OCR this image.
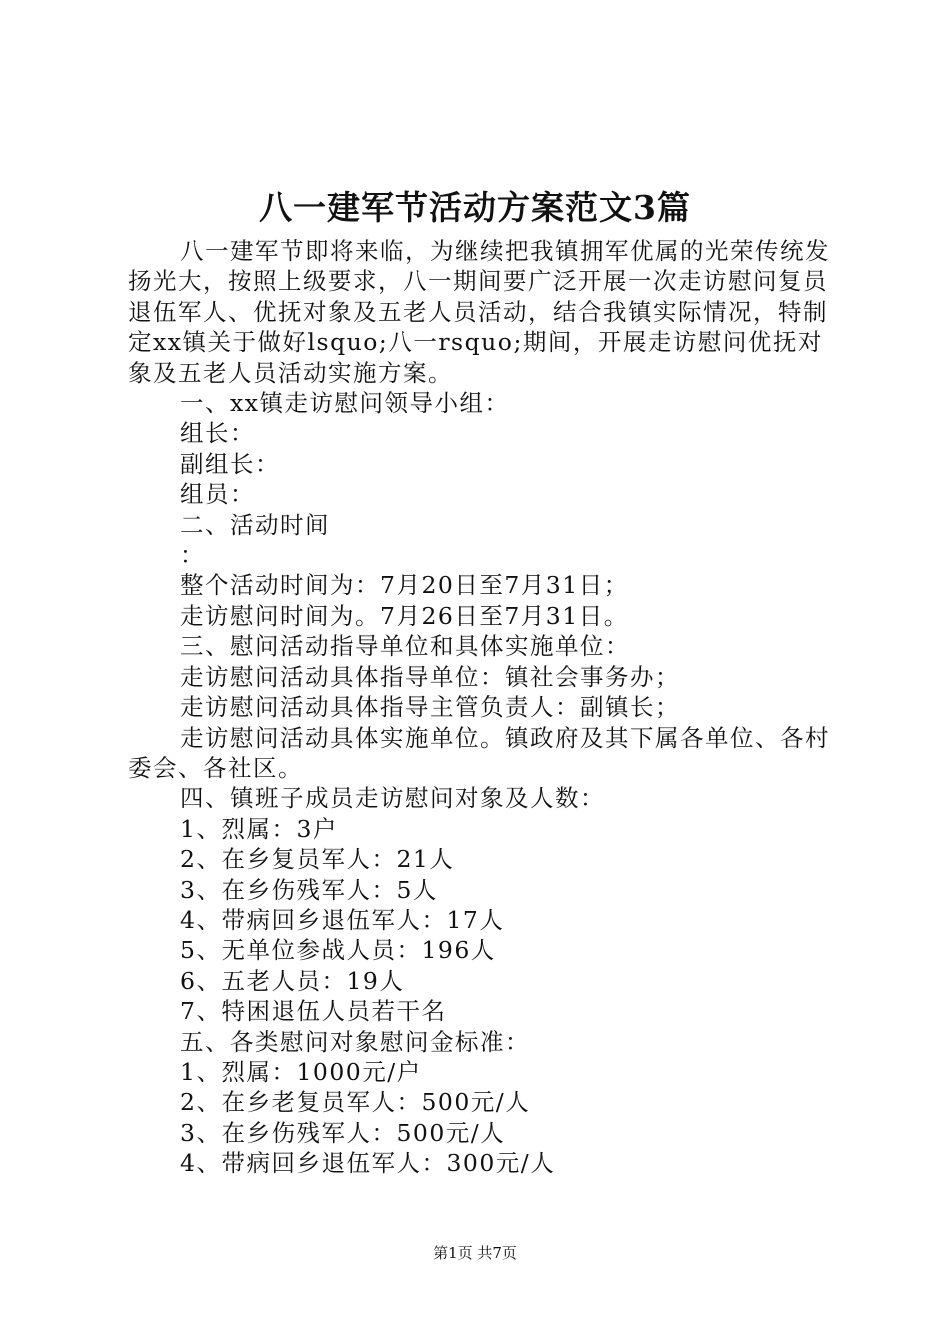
八一建军节活动方案范文3篇

八一建军节即将来临，为继续把我镇拥军优属的光荣传统发扬光大，按照上级要求，八一期间要广泛开展一次走访慰问复员退伍军人、优抚对象及五老人员活动，结合我镇实际情况，特制定xx镇关于做好lsquo;八一rsquo;期间，开展走访慰问优抚对象及五老人员活动实施方案。

一、xx镇走访慰问领导小组：

组长：

副组长：

组员：

二、活动时间

：

整个活动时间为：7月20日至7月31日；

走访慰问时间为。7月26日至7月31日。

三、慰问活动指导单位和具体实施单位：

走访慰问活动具体指导单位：镇社会事务办；

走访慰问活动具体指导主管负责人：副镇长；

走访慰问活动具体实施单位。镇政府及其下属各单位、各村委会、各社区。

四、镇班子成员走访慰问对象及人数：

1、烈属：3户

2、在乡复员军人：21人

3、在乡伤残军人：5人

4、带病回乡退伍军人：17人

5、无单位参战人员：196人

6、五老人员：19人

7、特困退伍人员若干名

五、各类慰问对象慰问金标准：

1、烈属：1000元/户

2、在乡老复员军人：500元/人

3、在乡伤残军人：500元/人

4、带病回乡退伍军人：300元/人

第1页 共7页
